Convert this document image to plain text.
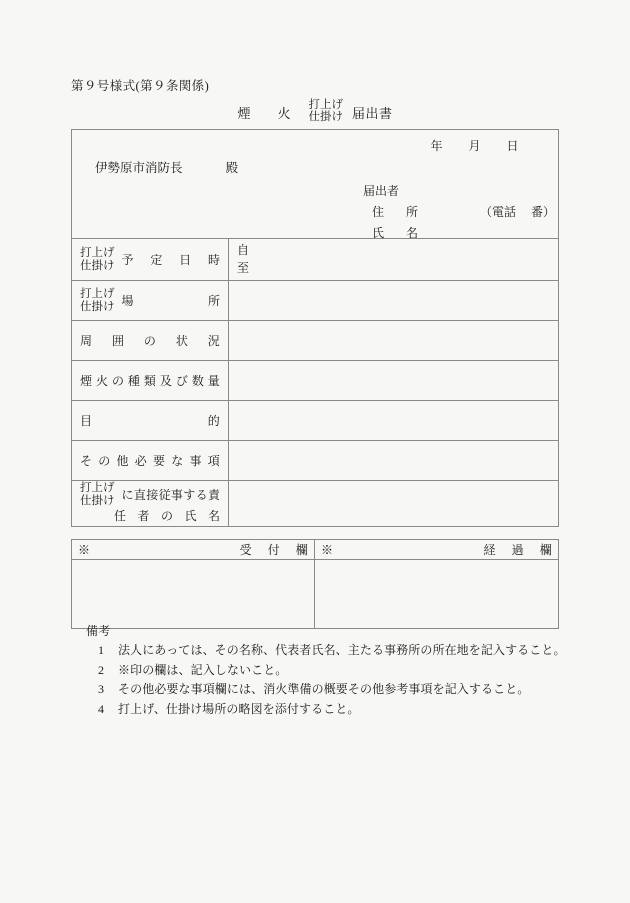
第９号様式(第９条関係)
煙　火
打上げ
仕掛け 届出書
年 月 日
伊勢原市消防長	殿
届出者
住　所	（電話 番）
氏　名

打上げ
仕掛け 予定日時	自
至

打上げ
仕掛け 場所	

周囲の状況	

煙火の種類及び数量	

目的	

その他必要な事項	

打上げ
仕掛け に直接従事する責
任者の氏名	

※ 受付欄	※ 経過欄

備考
1	法人にあっては、その名称、代表者氏名、主たる事務所の所在地を記入すること。
2	※印の欄は、記入しないこと。
3	その他必要な事項欄には、消火準備の概要その他参考事項を記入すること。
4	打上げ、仕掛け場所の略図を添付すること。
